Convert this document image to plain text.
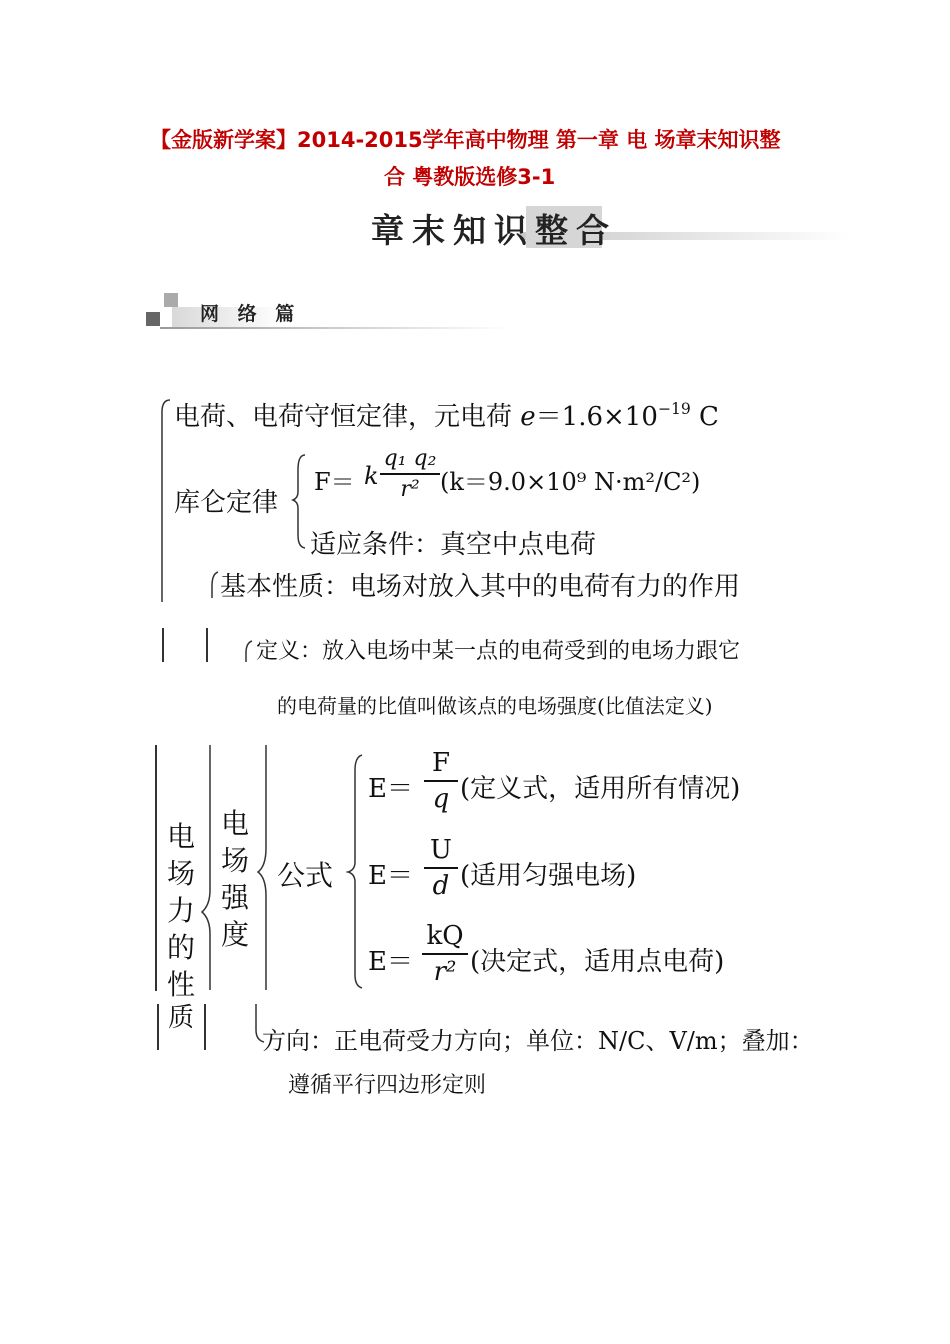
【金版新学案】2014-2015学年高中物理 第一章 电 场章末知识整
合 粤教版选修3-1
章末知识整合
网 络 篇
电荷、电荷守恒定律，元电荷 $e=1.6\times 10^{-19}$ C
库仑定律
F＝ k
q₁ q₂
r² (k＝9.0×10⁹ N·m²/C²)
适应条件：真空中点电荷
基本性质：电场对放入其中的电荷有力的作用
定义：放入电场中某一点的电荷受到的电场力跟它
的电荷量的比值叫做该点的电场强度(比值法定义)
电
场
力
的
性
质
电
场
强
度
公式
E＝
F
q (定义式，适用所有情况)
E＝
U
d (适用匀强电场)
E＝
kQ
r² (决定式，适用点电荷)
方向：正电荷受力方向；单位：N/C、V/m；叠加：
遵循平行四边形定则
